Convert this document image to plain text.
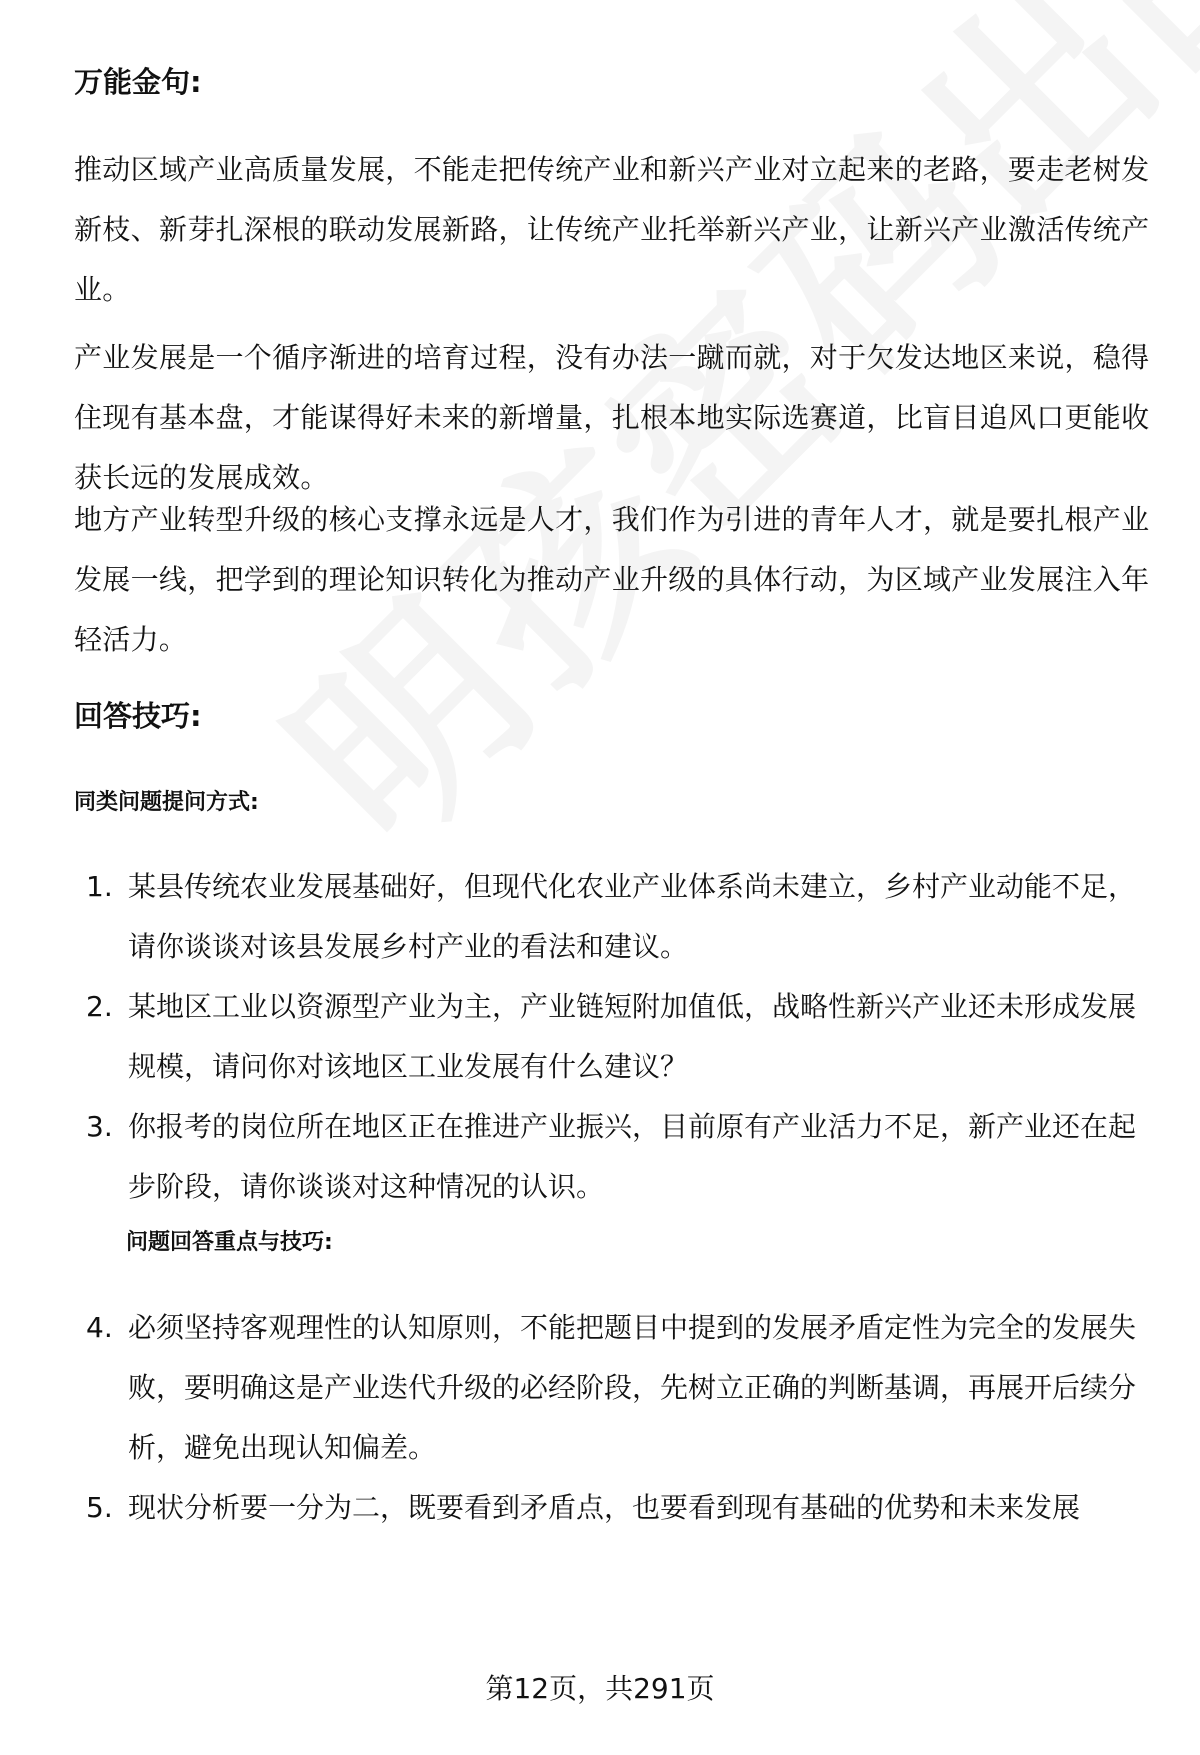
万能金句:

推动区域产业高质量发展，不能走把传统产业和新兴产业对立起来的老路，要走老树发新枝、新芽扎深根的联动发展新路，让传统产业托举新兴产业，让新兴产业激活传统产业。

产业发展是一个循序渐进的培育过程，没有办法一蹴而就，对于欠发达地区来说，稳得住现有基本盘，才能谋得好未来的新增量，扎根本地实际选赛道，比盲目追风口更能收获长远的发展成效。

地方产业转型升级的核心支撑永远是人才，我们作为引进的青年人才，就是要扎根产业发展一线，把学到的理论知识转化为推动产业升级的具体行动，为区域产业发展注入年轻活力。

回答技巧:
同类问题提问方式:
1. 某县传统农业发展基础好，但现代化农业产业体系尚未建立，乡村产业动能不足，请你谈谈对该县发展乡村产业的看法和建议。
2. 某地区工业以资源型产业为主，产业链短附加值低，战略性新兴产业还未形成发展规模，请问你对该地区工业发展有什么建议？
3. 你报考的岗位所在地区正在推进产业振兴，目前原有产业活力不足，新产业还在起步阶段，请你谈谈对这种情况的认识。
问题回答重点与技巧:
4. 必须坚持客观理性的认知原则，不能把题目中提到的发展矛盾定性为完全的发展失败，要明确这是产业迭代升级的必经阶段，先树立正确的判断基调，再展开后续分析，避免出现认知偏差。
5. 现状分析要一分为二，既要看到矛盾点，也要看到现有基础的优势和未来发展
第12页，共291页
